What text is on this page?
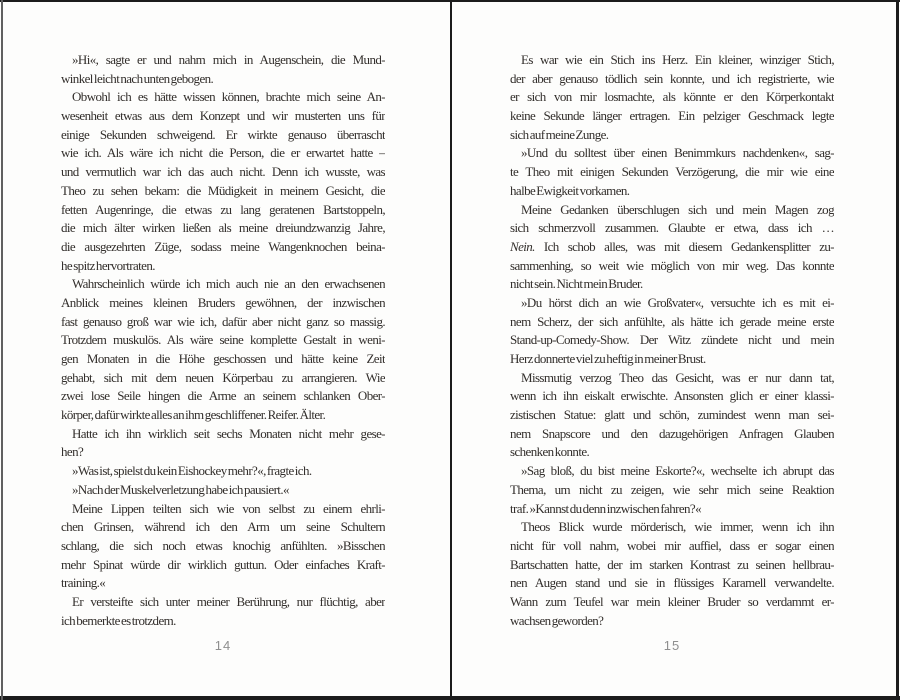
»Hi«, sagte er und nahm mich in Augenschein, die Mund-
winkel leicht nach unten gebogen.
Obwohl ich es hätte wissen können, brachte mich seine An-
wesenheit etwas aus dem Konzept und wir musterten uns für
einige Sekunden schweigend. Er wirkte genauso überrascht
wie ich. Als wäre ich nicht die Person, die er erwartet hatte –
und vermutlich war ich das auch nicht. Denn ich wusste, was
Theo zu sehen bekam: die Müdigkeit in meinem Gesicht, die
fetten Augenringe, die etwas zu lang geratenen Bartstoppeln,
die mich älter wirken ließen als meine dreiundzwanzig Jahre,
die ausgezehrten Züge, sodass meine Wangenknochen beina-
he spitz hervortraten.
Wahrscheinlich würde ich mich auch nie an den erwachsenen
Anblick meines kleinen Bruders gewöhnen, der inzwischen
fast genauso groß war wie ich, dafür aber nicht ganz so massig.
Trotzdem muskulös. Als wäre seine komplette Gestalt in weni-
gen Monaten in die Höhe geschossen und hätte keine Zeit
gehabt, sich mit dem neuen Körperbau zu arrangieren. Wie
zwei lose Seile hingen die Arme an seinem schlanken Ober-
körper, dafür wirkte alles an ihm geschliffener. Reifer. Älter.
Hatte ich ihn wirklich seit sechs Monaten nicht mehr gese-
hen?
»Was ist, spielst du kein Eishockey mehr?«, fragte ich.
»Nach der Muskelverletzung habe ich pausiert.«
Meine Lippen teilten sich wie von selbst zu einem ehrli-
chen Grinsen, während ich den Arm um seine Schultern
schlang, die sich noch etwas knochig anfühlten. »Bisschen
mehr Spinat würde dir wirklich guttun. Oder einfaches Kraft-
training.«
Er versteifte sich unter meiner Berührung, nur flüchtig, aber
ich bemerkte es trotzdem.
14
Es war wie ein Stich ins Herz. Ein kleiner, winziger Stich,
der aber genauso tödlich sein konnte, und ich registrierte, wie
er sich von mir losmachte, als könnte er den Körperkontakt
keine Sekunde länger ertragen. Ein pelziger Geschmack legte
sich auf meine Zunge.
»Und du solltest über einen Benimmkurs nachdenken«, sag-
te Theo mit einigen Sekunden Verzögerung, die mir wie eine
halbe Ewigkeit vorkamen.
Meine Gedanken überschlugen sich und mein Magen zog
sich schmerzvoll zusammen. Glaubte er etwa, dass ich …
Nein. Ich schob alles, was mit diesem Gedankensplitter zu-
sammenhing, so weit wie möglich von mir weg. Das konnte
nicht sein. Nicht mein Bruder.
»Du hörst dich an wie Großvater«, versuchte ich es mit ei-
nem Scherz, der sich anfühlte, als hätte ich gerade meine erste
Stand-up-Comedy-Show. Der Witz zündete nicht und mein
Herz donnerte viel zu heftig in meiner Brust.
Missmutig verzog Theo das Gesicht, was er nur dann tat,
wenn ich ihn eiskalt erwischte. Ansonsten glich er einer klassi-
zistischen Statue: glatt und schön, zumindest wenn man sei-
nem Snapscore und den dazugehörigen Anfragen Glauben
schenken konnte.
»Sag bloß, du bist meine Eskorte?«, wechselte ich abrupt das
Thema, um nicht zu zeigen, wie sehr mich seine Reaktion
traf. »Kannst du denn inzwischen fahren?«
Theos Blick wurde mörderisch, wie immer, wenn ich ihn
nicht für voll nahm, wobei mir auffiel, dass er sogar einen
Bartschatten hatte, der im starken Kontrast zu seinen hellbrau-
nen Augen stand und sie in flüssiges Karamell verwandelte.
Wann zum Teufel war mein kleiner Bruder so verdammt er-
wachsen geworden?
15
